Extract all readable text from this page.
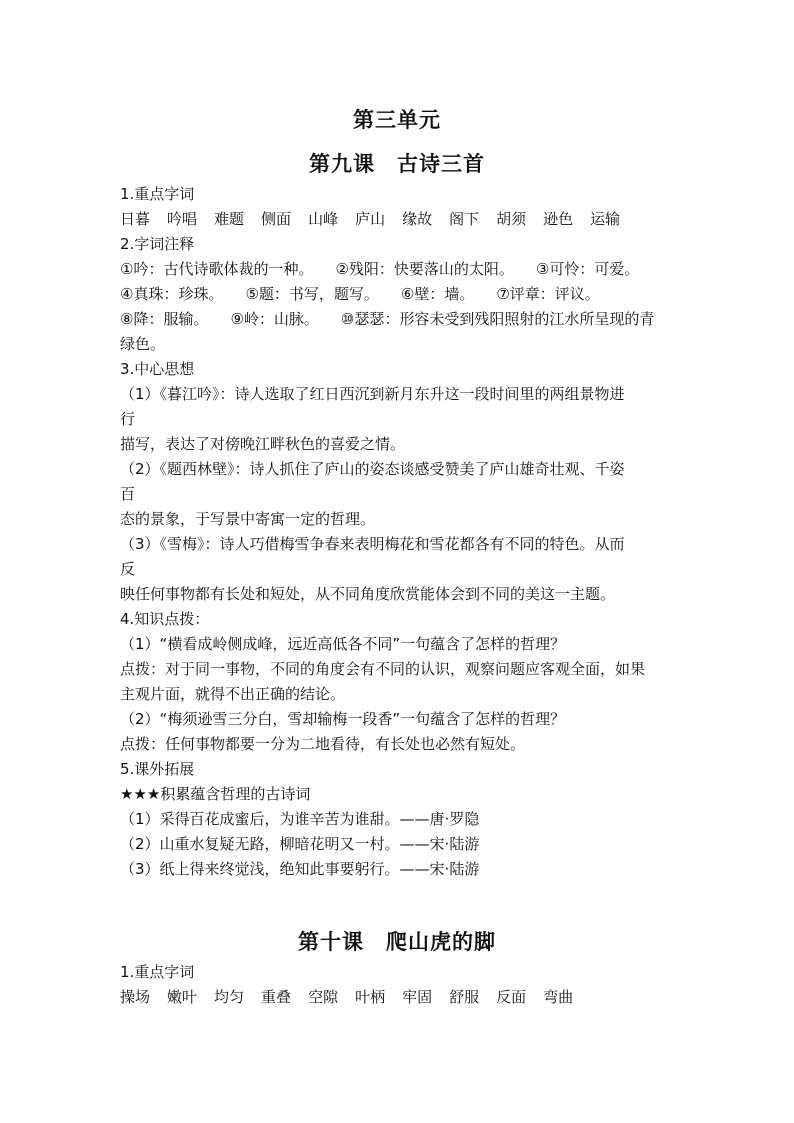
第三单元
第九课 古诗三首
1.重点字词
日暮 吟唱 难题 侧面 山峰 庐山 缘故 阁下 胡须 逊色 运输
2.字词注释
①吟：古代诗歌体裁的一种。 ②残阳：快要落山的太阳。 ③可怜：可爱。
④真珠：珍珠。 ⑤题：书写，题写。 ⑥壁：墙。 ⑦评章：评议。
⑧降：服输。 ⑨岭：山脉。 ⑩瑟瑟：形容未受到残阳照射的江水所呈现的青
绿色。
3.中心思想
（1）《暮江吟》：诗人选取了红日西沉到新月东升这一段时间里的两组景物进
行
描写，表达了对傍晚江畔秋色的喜爱之情。
（2）《题西林壁》：诗人抓住了庐山的姿态谈感受赞美了庐山雄奇壮观、千姿
百
态的景象，于写景中寄寓一定的哲理。
（3）《雪梅》：诗人巧借梅雪争春来表明梅花和雪花都各有不同的特色。从而
反
映任何事物都有长处和短处，从不同角度欣赏能体会到不同的美这一主题。
4.知识点拨：
（1）“横看成岭侧成峰，远近高低各不同”一句蕴含了怎样的哲理？
点拨：对于同一事物，不同的角度会有不同的认识，观察问题应客观全面，如果
主观片面，就得不出正确的结论。
（2）“梅须逊雪三分白，雪却输梅一段香”一句蕴含了怎样的哲理？
点拨：任何事物都要一分为二地看待，有长处也必然有短处。
5.课外拓展
★★★积累蕴含哲理的古诗词
（1）采得百花成蜜后，为谁辛苦为谁甜。——唐·罗隐
（2）山重水复疑无路，柳暗花明又一村。——宋·陆游
（3）纸上得来终觉浅，绝知此事要躬行。——宋·陆游
第十课 爬山虎的脚
1.重点字词
操场 嫩叶 均匀 重叠 空隙 叶柄 牢固 舒服 反面 弯曲
